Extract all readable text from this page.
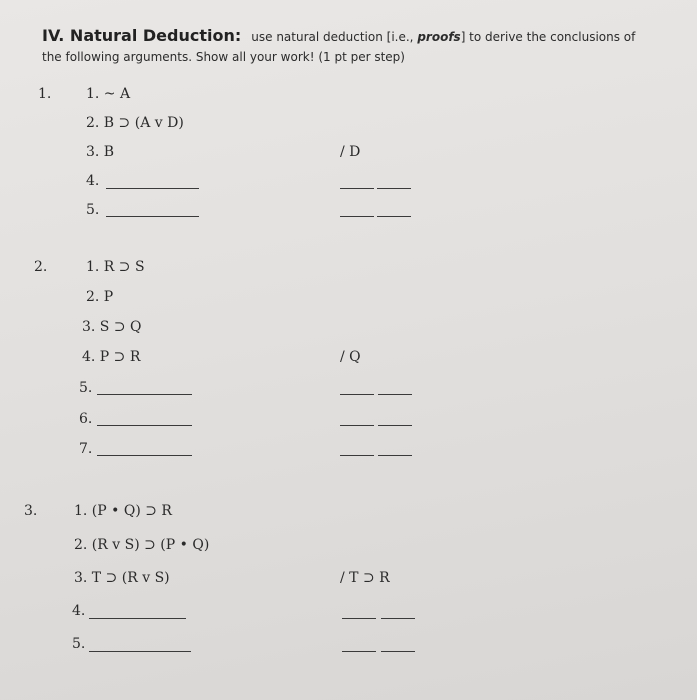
IV. Natural Deduction: use natural deduction [i.e., proofs] to derive the conclusions of
the following arguments. Show all your work! (1 pt per step)
1. 1. ~ A
2. B ⊃ (A v D)
3. B	/ D
4.
5.
2.	1. R ⊃ S
2. P
3. S ⊃ Q
4. P ⊃ R	/ Q
5.
6.
7.
3.	1. (P • Q) ⊃ R
2. (R v S) ⊃ (P • Q)
3. T ⊃ (R v S)	/ T ⊃ R
4.
5.
